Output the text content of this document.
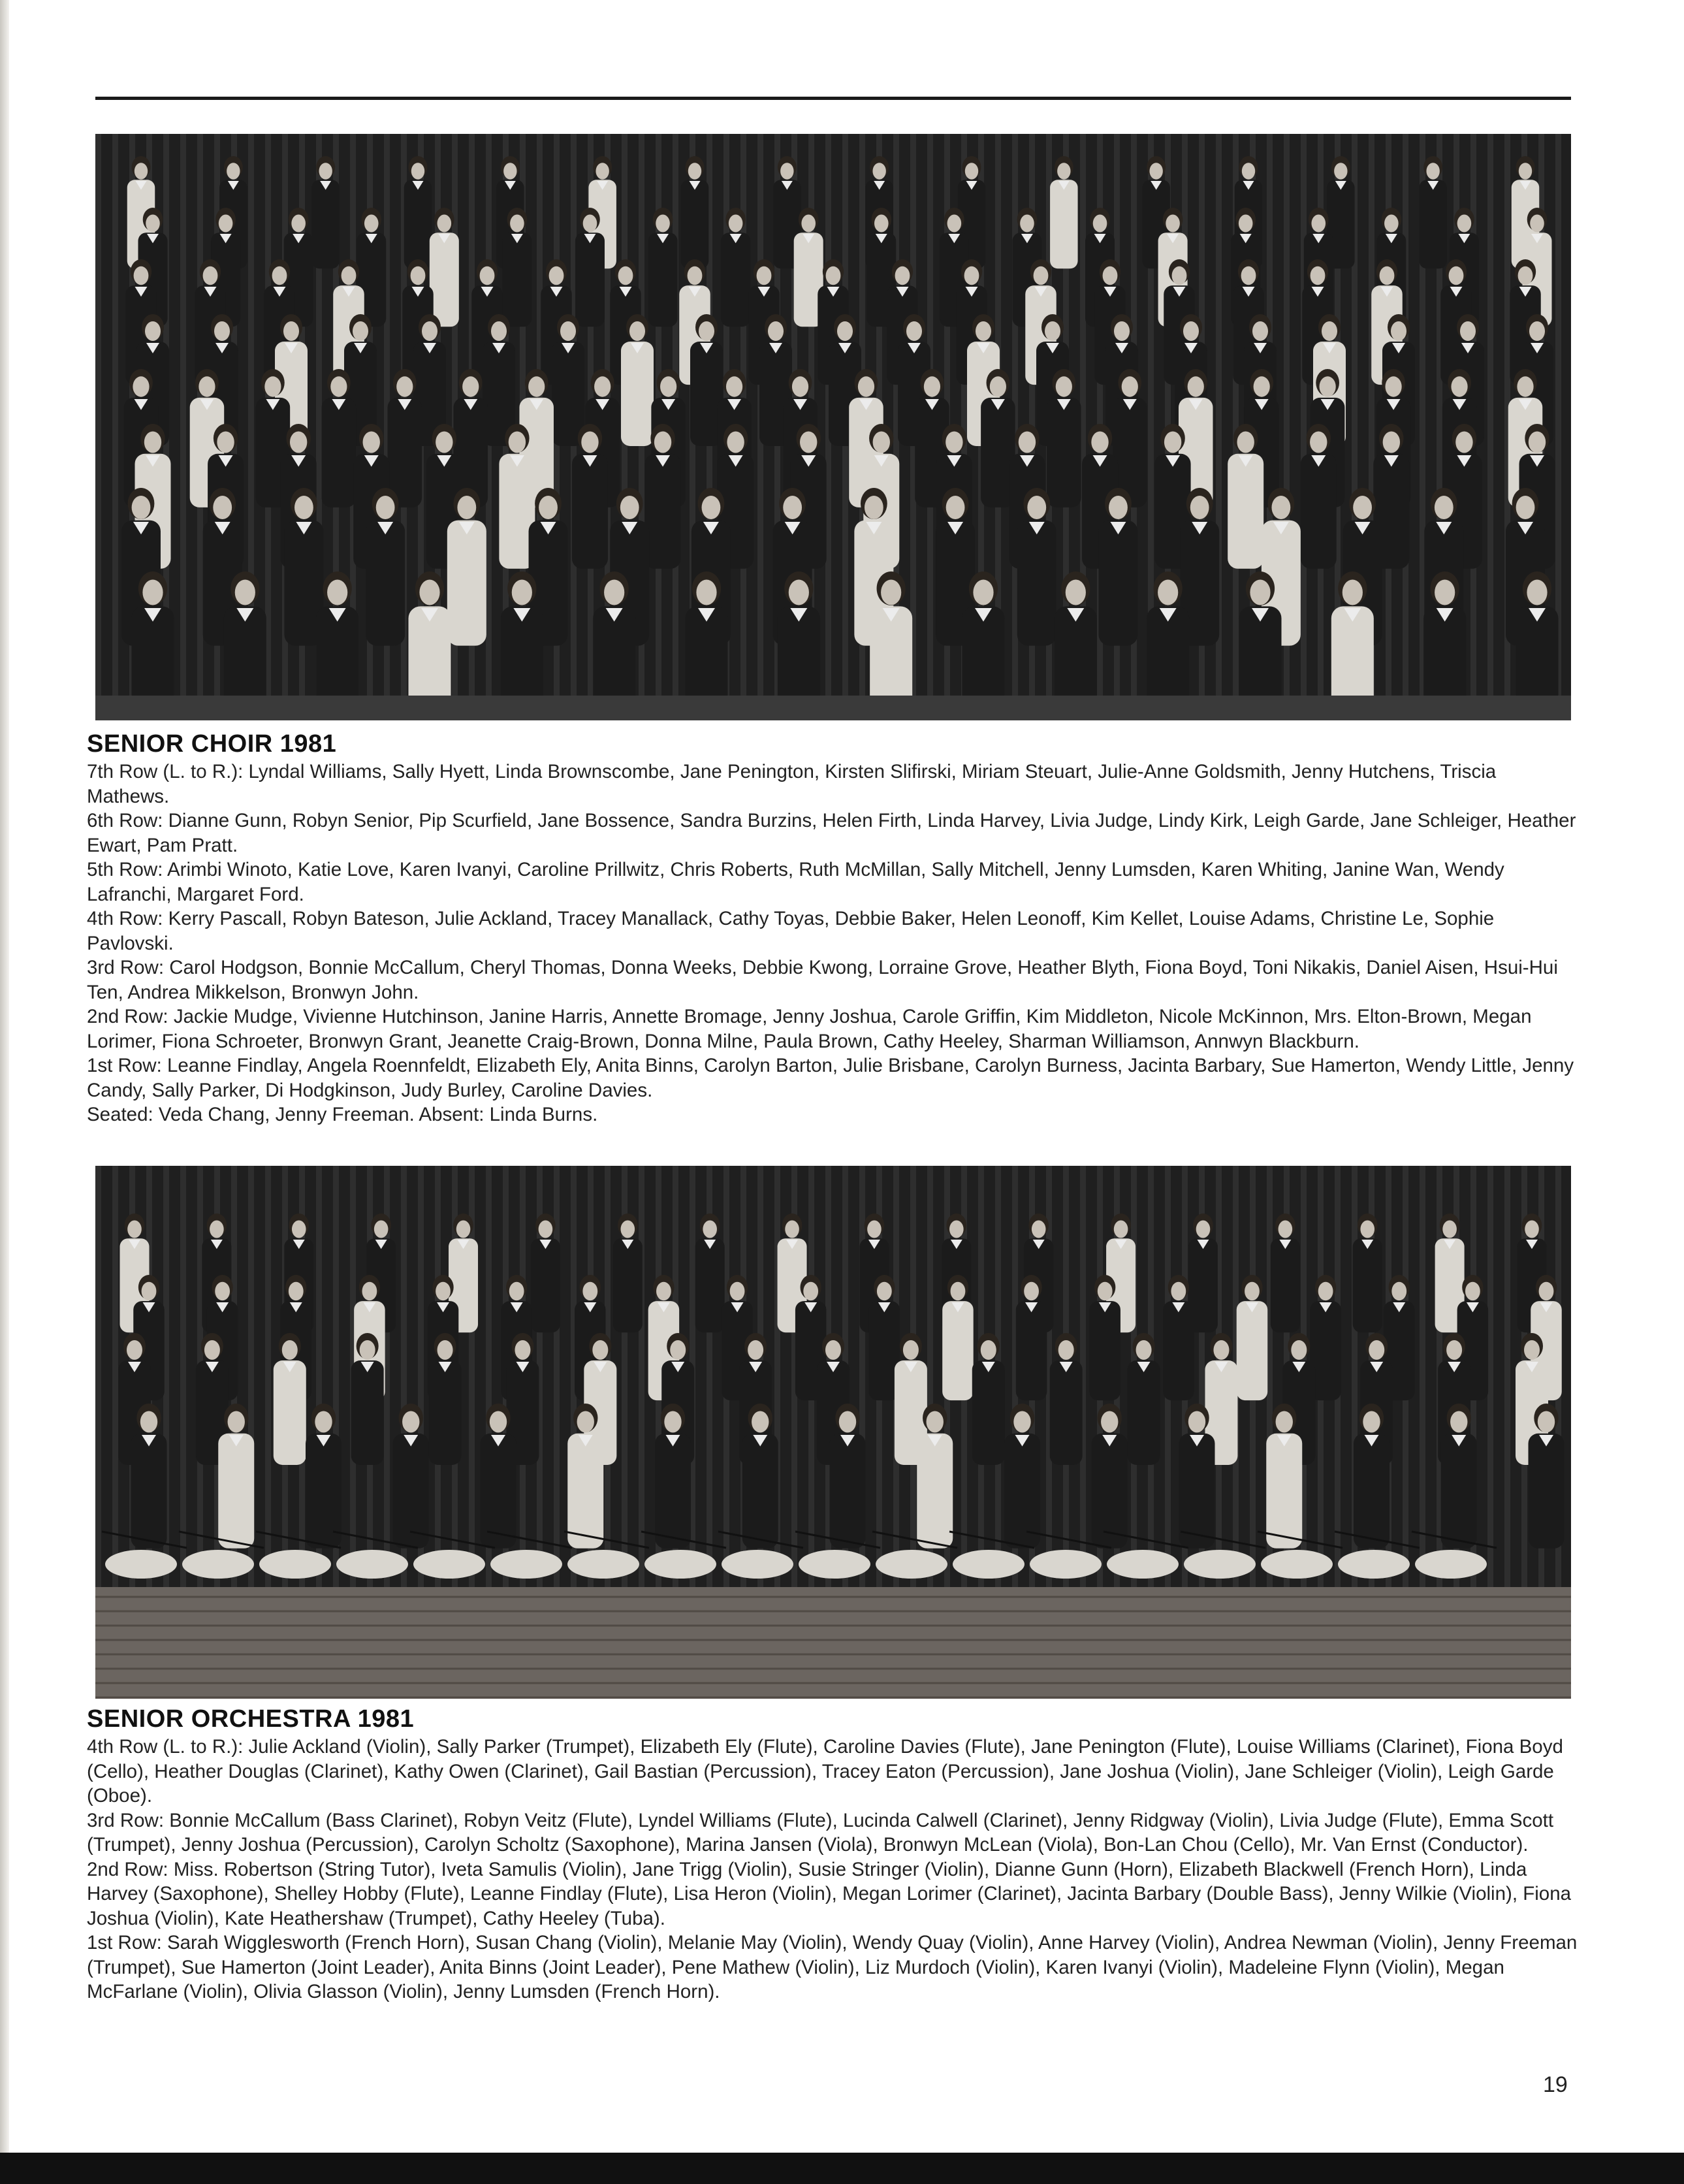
SENIOR CHOIR 1981

7th Row (L. to R.): Lyndal Williams, Sally Hyett, Linda Brownscombe, Jane Penington, Kirsten Slifirski, Miriam Steuart, Julie-Anne Goldsmith, Jenny Hutchens, Triscia Mathews.

6th Row: Dianne Gunn, Robyn Senior, Pip Scurfield, Jane Bossence, Sandra Burzins, Helen Firth, Linda Harvey, Livia Judge, Lindy Kirk, Leigh Garde, Jane Schleiger, Heather Ewart, Pam Pratt.

5th Row: Arimbi Winoto, Katie Love, Karen Ivanyi, Caroline Prillwitz, Chris Roberts, Ruth McMillan, Sally Mitchell, Jenny Lumsden, Karen Whiting, Janine Wan, Wendy Lafranchi, Margaret Ford.

4th Row: Kerry Pascall, Robyn Bateson, Julie Ackland, Tracey Manallack, Cathy Toyas, Debbie Baker, Helen Leonoff, Kim Kellet, Louise Adams, Christine Le, Sophie Pavlovski.

3rd Row: Carol Hodgson, Bonnie McCallum, Cheryl Thomas, Donna Weeks, Debbie Kwong, Lorraine Grove, Heather Blyth, Fiona Boyd, Toni Nikakis, Daniel Aisen, Hsui-Hui Ten, Andrea Mikkelson, Bronwyn John.

2nd Row: Jackie Mudge, Vivienne Hutchinson, Janine Harris, Annette Bromage, Jenny Joshua, Carole Griffin, Kim Middleton, Nicole McKinnon, Mrs. Elton-Brown, Megan Lorimer, Fiona Schroeter, Bronwyn Grant, Jeanette Craig-Brown, Donna Milne, Paula Brown, Cathy Heeley, Sharman Williamson, Annwyn Blackburn.

1st Row: Leanne Findlay, Angela Roennfeldt, Elizabeth Ely, Anita Binns, Carolyn Barton, Julie Brisbane, Carolyn Burness, Jacinta Barbary, Sue Hamerton, Wendy Little, Jenny Candy, Sally Parker, Di Hodgkinson, Judy Burley, Caroline Davies.

Seated: Veda Chang, Jenny Freeman. Absent: Linda Burns.

SENIOR ORCHESTRA 1981

4th Row (L. to R.): Julie Ackland (Violin), Sally Parker (Trumpet), Elizabeth Ely (Flute), Caroline Davies (Flute), Jane Penington (Flute), Louise Williams (Clarinet), Fiona Boyd (Cello), Heather Douglas (Clarinet), Kathy Owen (Clarinet), Gail Bastian (Percussion), Tracey Eaton (Percussion), Jane Joshua (Violin), Jane Schleiger (Violin), Leigh Garde (Oboe).

3rd Row: Bonnie McCallum (Bass Clarinet), Robyn Veitz (Flute), Lyndel Williams (Flute), Lucinda Calwell (Clarinet), Jenny Ridgway (Violin), Livia Judge (Flute), Emma Scott (Trumpet), Jenny Joshua (Percussion), Carolyn Scholtz (Saxophone), Marina Jansen (Viola), Bronwyn McLean (Viola), Bon-Lan Chou (Cello), Mr. Van Ernst (Conductor).

2nd Row: Miss. Robertson (String Tutor), Iveta Samulis (Violin), Jane Trigg (Violin), Susie Stringer (Violin), Dianne Gunn (Horn), Elizabeth Blackwell (French Horn), Linda Harvey (Saxophone), Shelley Hobby (Flute), Leanne Findlay (Flute), Lisa Heron (Violin), Megan Lorimer (Clarinet), Jacinta Barbary (Double Bass), Jenny Wilkie (Violin), Fiona Joshua (Violin), Kate Heathershaw (Trumpet), Cathy Heeley (Tuba).

1st Row: Sarah Wigglesworth (French Horn), Susan Chang (Violin), Melanie May (Violin), Wendy Quay (Violin), Anne Harvey (Violin), Andrea Newman (Violin), Jenny Freeman (Trumpet), Sue Hamerton (Joint Leader), Anita Binns (Joint Leader), Pene Mathew (Violin), Liz Murdoch (Violin), Karen Ivanyi (Violin), Madeleine Flynn (Violin), Megan McFarlane (Violin), Olivia Glasson (Violin), Jenny Lumsden (French Horn).

19
